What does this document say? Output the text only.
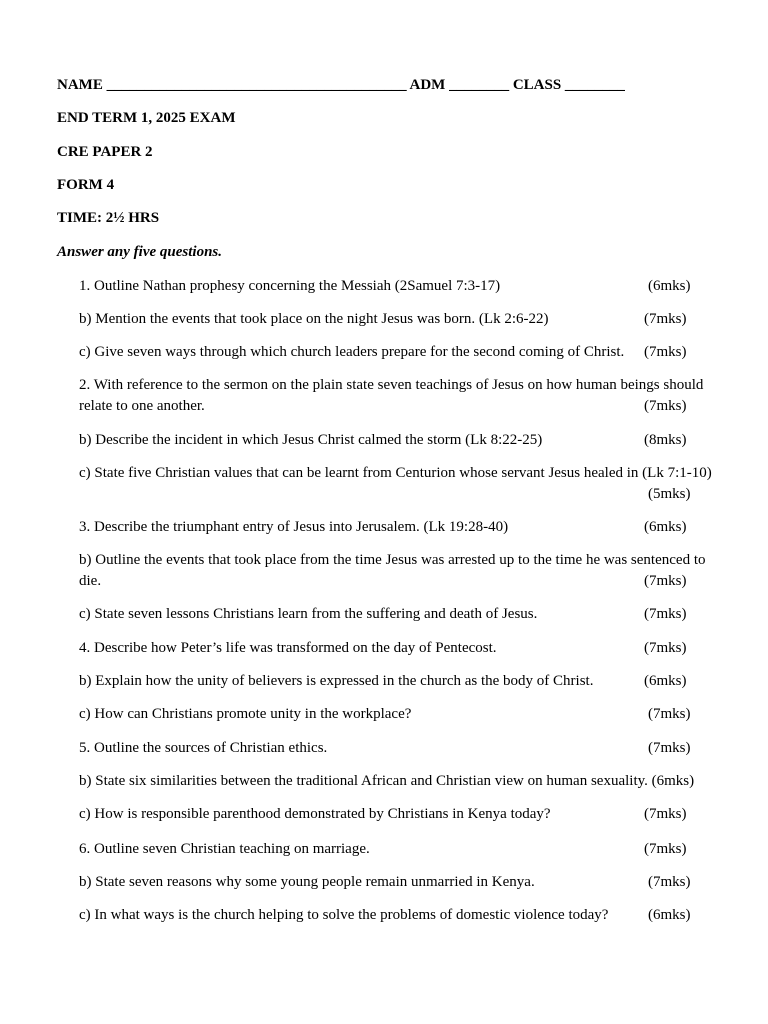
NAME ________________________________________ ADM ________ CLASS ________
END TERM 1, 2025 EXAM
CRE PAPER 2
FORM 4
TIME: 2½ HRS
Answer any five questions.
1. Outline Nathan prophesy concerning the Messiah (2Samuel 7:3-17)	(6mks)
b) Mention the events that took place on the night Jesus was born. (Lk 2:6-22)	(7mks)
c) Give seven ways through which church leaders prepare for the second coming of Christ. (7mks)
2. With reference to the sermon on the plain state seven teachings of Jesus on how human beings should
relate to one another.	(7mks)
b) Describe the incident in which Jesus Christ calmed the storm (Lk 8:22-25)	(8mks)
c) State five Christian values that can be learnt from Centurion whose servant Jesus healed in (Lk 7:1-10)
(5mks)
3. Describe the triumphant entry of Jesus into Jerusalem. (Lk 19:28-40)	(6mks)
b) Outline the events that took place from the time Jesus was arrested up to the time he was sentenced to
die.	(7mks)
c) State seven lessons Christians learn from the suffering and death of Jesus.	(7mks)
4. Describe how Peter’s life was transformed on the day of Pentecost.	(7mks)
b) Explain how the unity of believers is expressed in the church as the body of Christ.	(6mks)
c) How can Christians promote unity in the workplace?	(7mks)
5. Outline the sources of Christian ethics.	(7mks)
b) State six similarities between the traditional African and Christian view on human sexuality. (6mks)
c) How is responsible parenthood demonstrated by Christians in Kenya today?	(7mks)
6. Outline seven Christian teaching on marriage.	(7mks)
b) State seven reasons why some young people remain unmarried in Kenya.	(7mks)
c) In what ways is the church helping to solve the problems of domestic violence today?	(6mks)
